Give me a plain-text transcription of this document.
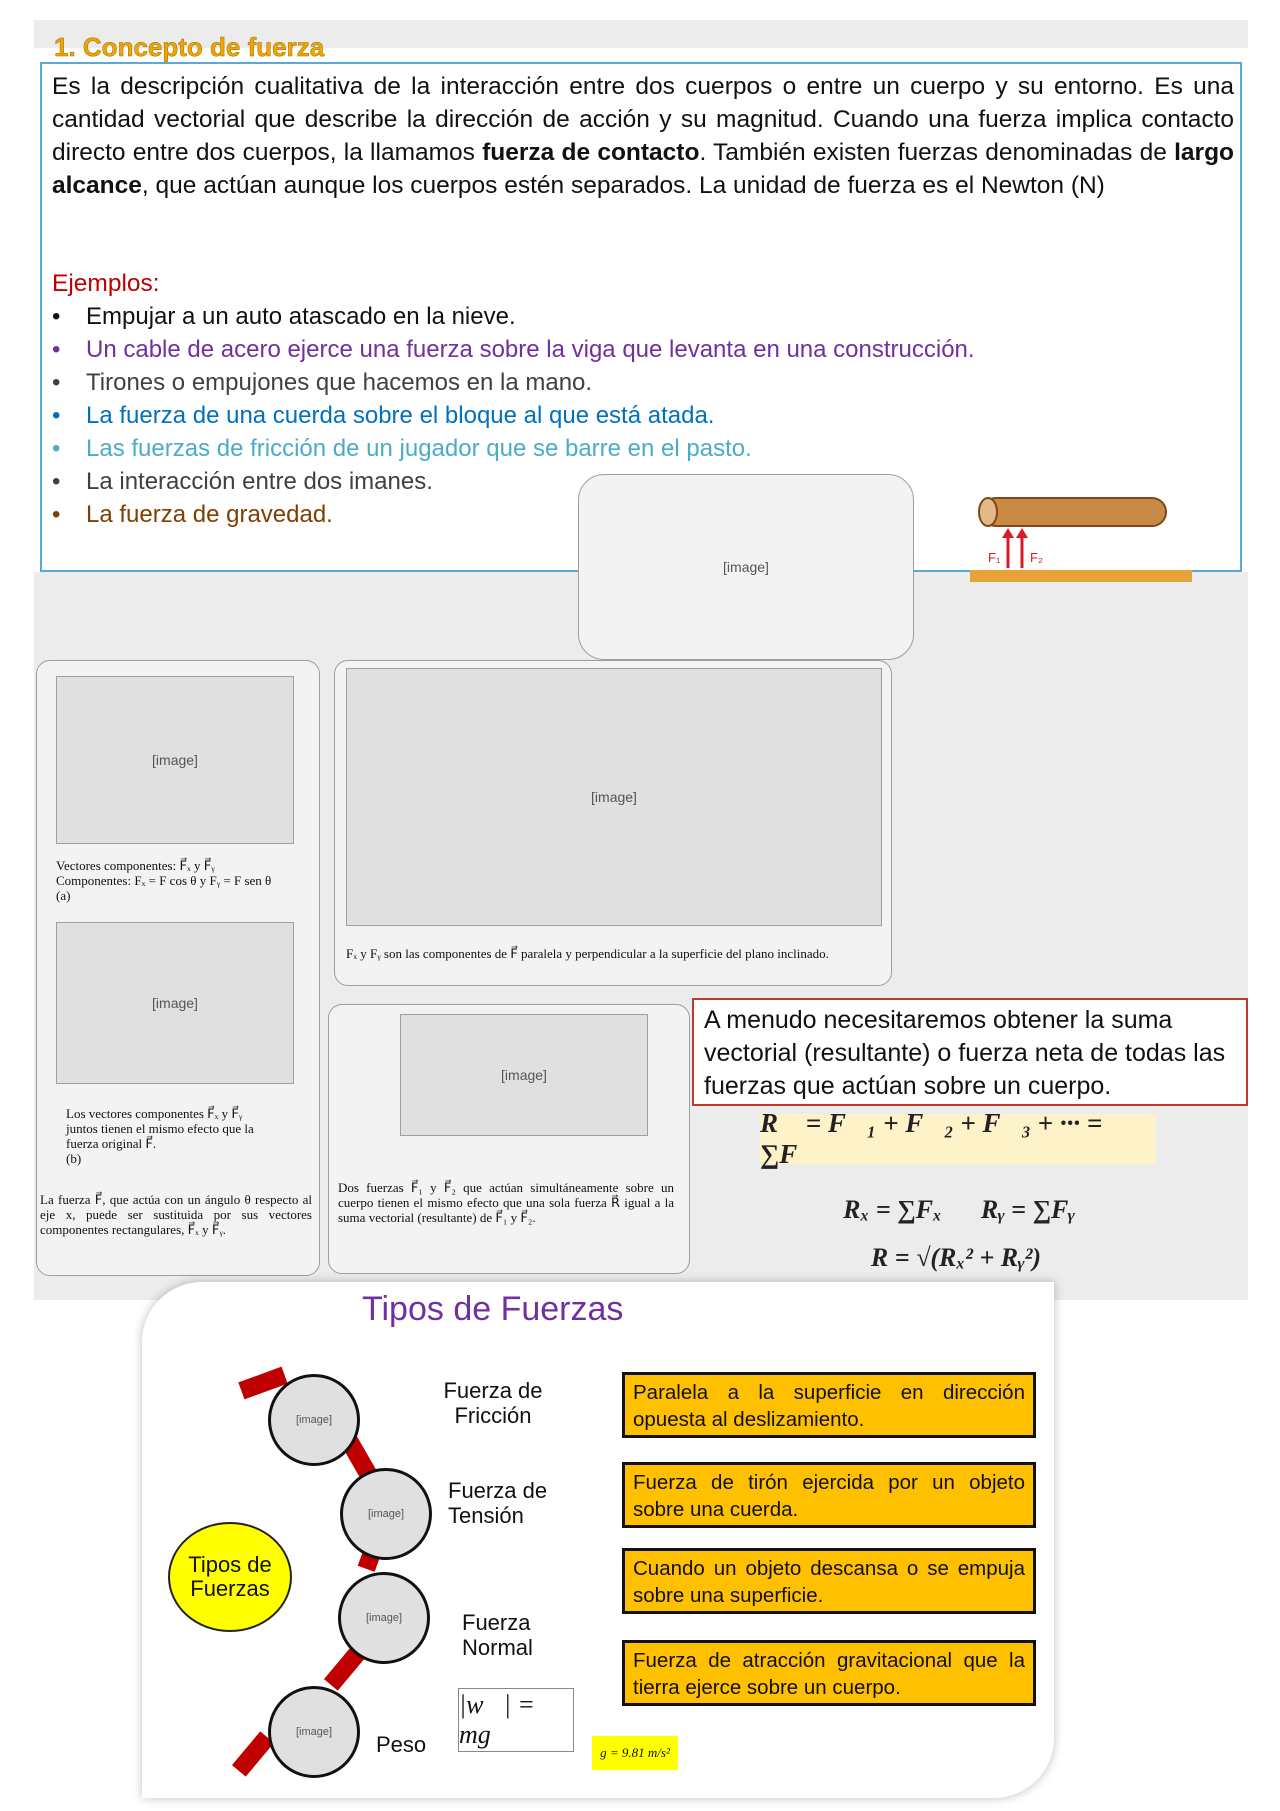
1. Concepto de fuerza
Es la descripción cualitativa de la interacción entre dos cuerpos o entre un cuerpo y su entorno. Es una cantidad vectorial que describe la dirección de acción y su magnitud. Cuando una fuerza implica contacto directo entre dos cuerpos, la llamamos fuerza de contacto. También existen fuerzas denominadas de largo alcance, que actúan aunque los cuerpos estén separados. La unidad de fuerza es el Newton (N)
Ejemplos:
• Empujar a un auto atascado en la nieve.
• Un cable de acero ejerce una fuerza sobre la viga que levanta en una construcción.
• Tirones o empujones que hacemos en la mano.
• La fuerza de una cuerda sobre el bloque al que está atada.
• Las fuerzas de fricción de un jugador que se barre en el pasto.
• La interacción entre dos imanes.
• La fuerza de gravedad.
[image]
F₁ F₂
[image]
Vectores componentes: F⃗ₓ y F⃗ᵧ
Componentes: Fₓ = F cos θ y Fᵧ = F sen θ
(a)
[image]
Los vectores componentes F⃗ₓ y F⃗ᵧ juntos tienen el mismo efecto que la fuerza original F⃗.
(b)
La fuerza F⃗, que actúa con un ángulo θ respecto al eje x, puede ser sustituida por sus vectores componentes rectangulares, F⃗ₓ y F⃗ᵧ.
[image]
Fₓ y Fᵧ son las componentes de F⃗ paralela y perpendicular a la superficie del plano inclinado.
[image]
Dos fuerzas F⃗₁ y F⃗₂ que actúan simultáneamente sobre un cuerpo tienen el mismo efecto que una sola fuerza R⃗ igual a la suma vectorial (resultante) de F⃗₁ y F⃗₂.
A menudo necesitaremos obtener la suma vectorial (resultante) o fuerza neta de todas las fuerzas que actúan sobre un cuerpo.
R⃗ = F⃗₁ + F⃗₂ + F⃗₃ + ··· = ∑F⃗
Rₓ = ∑Fₓ      Rᵧ = ∑Fᵧ
R = √(Rₓ² + Rᵧ²)
Tipos de Fuerzas
[image]
[image]
[image]
[image]
Fuerza de Fricción
Fuerza de Tensión
Fuerza Normal
Peso
Tipos de Fuerzas
Paralela a la superficie en dirección opuesta al deslizamiento.
Fuerza de tirón ejercida por un objeto sobre una cuerda.
Cuando un objeto descansa o se empuja sobre una superficie.
Fuerza de atracción gravitacional que la tierra ejerce sobre un cuerpo.
|w⃗| = mg
g = 9.81 m/s²
